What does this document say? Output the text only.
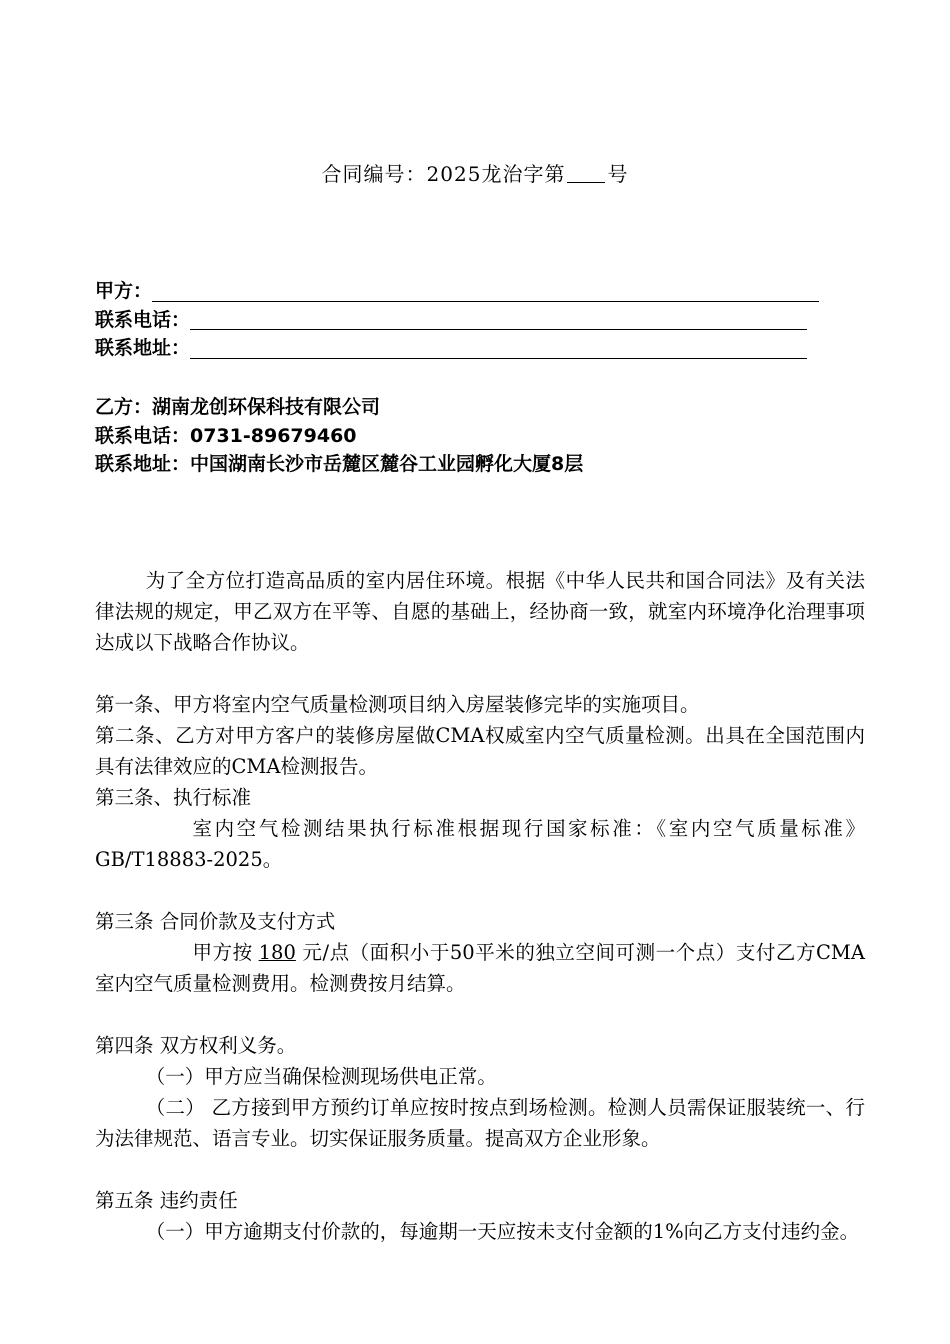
合同编号：2025龙治字第 号
甲方：
联系电话：
联系地址：
乙方：湖南龙创环保科技有限公司
联系电话：0731-89679460
联系地址：中国湖南长沙市岳麓区麓谷工业园孵化大厦8层

为了全方位打造高品质的室内居住环境。根据《中华人民共和国合同法》及有关法律法规的规定，甲乙双方在平等、自愿的基础上，经协商一致，就室内环境净化治理事项达成以下战略合作协议。

第一条、甲方将室内空气质量检测项目纳入房屋装修完毕的实施项目。

第二条、乙方对甲方客户的装修房屋做CMA权威室内空气质量检测。出具在全国范围内具有法律效应的CMA检测报告。

第三条、执行标准

室内空气检测结果执行标准根据现行国家标准：《室内空气质量标准》GB/T18883-2025。

第三条 合同价款及支付方式

甲方按 180 元/点（面积小于50平米的独立空间可测一个点）支付乙方CMA室内空气质量检测费用。检测费按月结算。

第四条 双方权利义务。

（一）甲方应当确保检测现场供电正常。

（二） 乙方接到甲方预约订单应按时按点到场检测。检测人员需保证服装统一、行为法律规范、语言专业。切实保证服务质量。提高双方企业形象。

第五条 违约责任

（一）甲方逾期支付价款的，每逾期一天应按未支付金额的1%向乙方支付违约金。
